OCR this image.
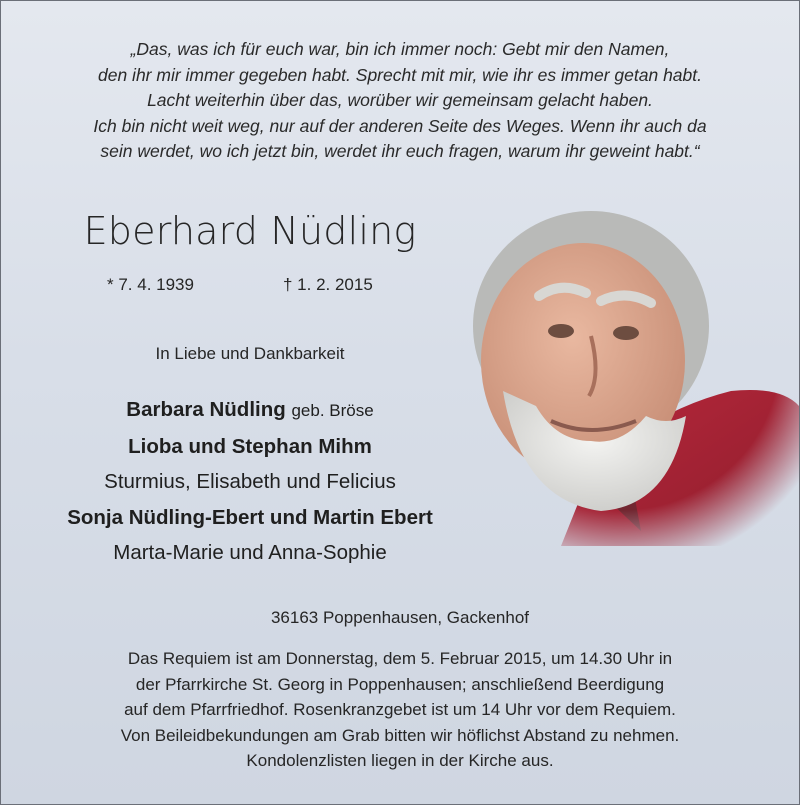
„Das, was ich für euch war, bin ich immer noch: Gebt mir den Namen,
den ihr mir immer gegeben habt. Sprecht mit mir, wie ihr es immer getan habt.
Lacht weiterhin über das, worüber wir gemeinsam gelacht haben.
Ich bin nicht weit weg, nur auf der anderen Seite des Weges. Wenn ihr auch da
sein werdet, wo ich jetzt bin, werdet ihr euch fragen, warum ihr geweint habt.“
Eberhard Nüdling
* 7. 4. 1939	† 1. 2. 2015
In Liebe und Dankbarkeit
Barbara Nüdling geb. Bröse
Lioba und Stephan Mihm
Sturmius, Elisabeth und Felicius
Sonja Nüdling-Ebert und Martin Ebert
Marta-Marie und Anna-Sophie
36163 Poppenhausen, Gackenhof
Das Requiem ist am Donnerstag, dem 5. Februar 2015, um 14.30 Uhr in
der Pfarrkirche St. Georg in Poppenhausen; anschließend Beerdigung
auf dem Pfarrfriedhof. Rosenkranzgebet ist um 14 Uhr vor dem Requiem.
Von Beileidbekundungen am Grab bitten wir höflichst Abstand zu nehmen.
Kondolenzlisten liegen in der Kirche aus.
